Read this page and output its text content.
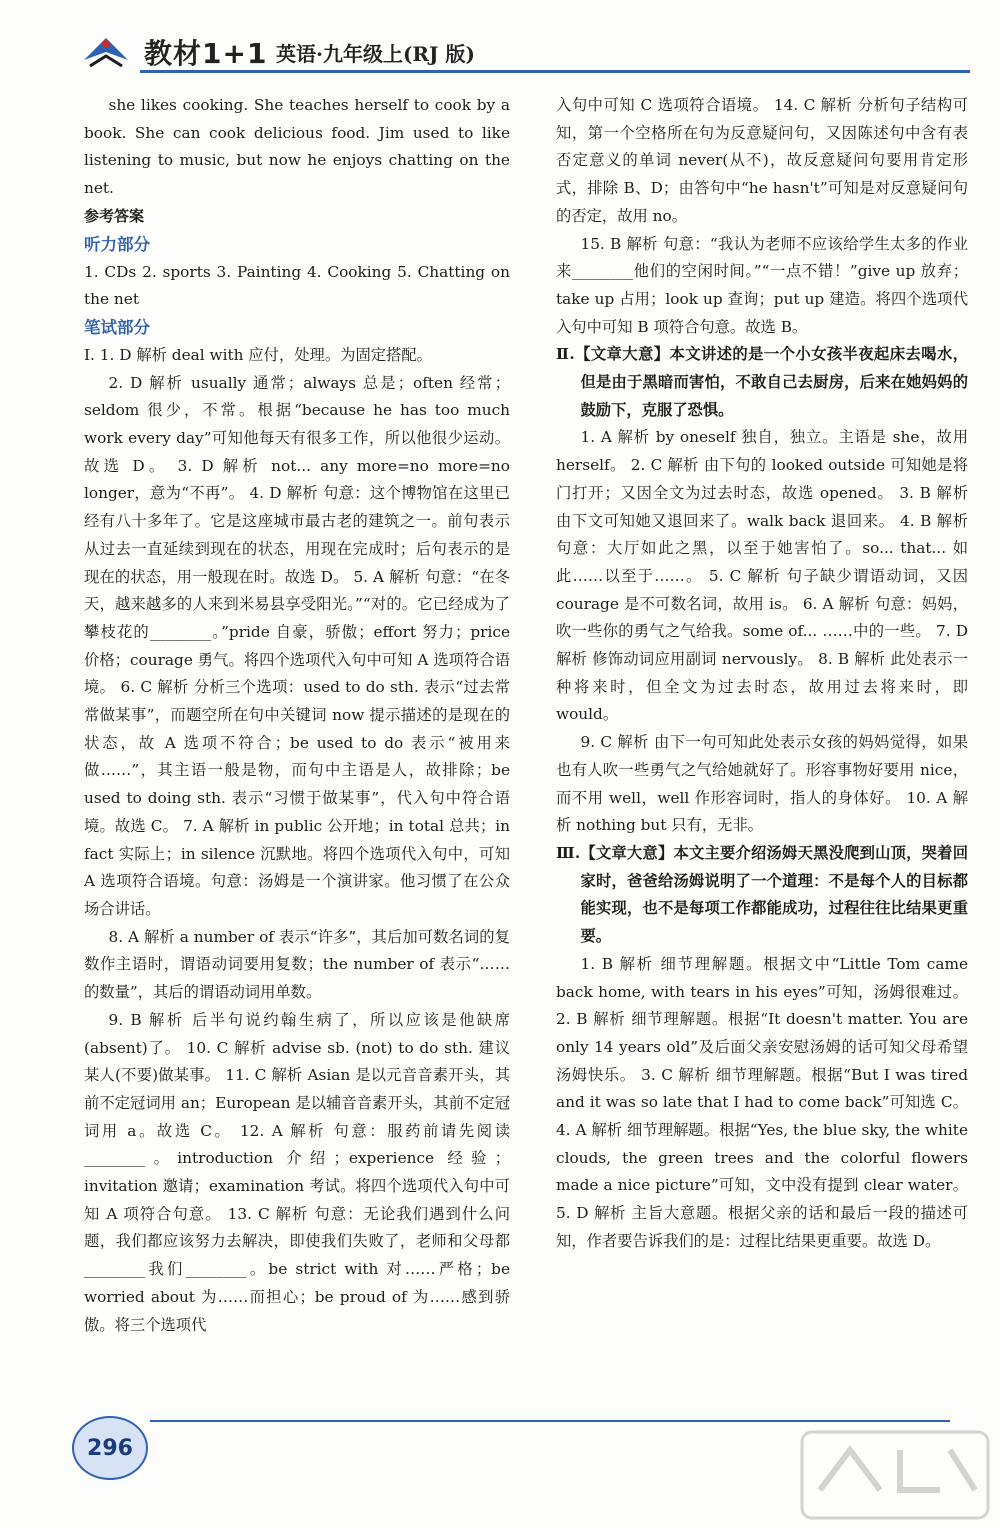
教材1+1 英语·九年级上(RJ 版)

she likes cooking. She teaches herself to cook by a book. She can cook delicious food. Jim used to like listening to music, but now he enjoys chatting on the net.

参考答案

听力部分

1. CDs 2. sports 3. Painting 4. Cooking 5. Chatting on the net

笔试部分

Ⅰ. 1. D 解析 deal with 应付，处理。为固定搭配。

2. D 解析 usually 通常；always 总是；often 经常；seldom 很少，不常。根据“because he has too much work every day”可知他每天有很多工作，所以他很少运动。故选 D。 3. D 解析 not... any more=no more=no longer，意为“不再”。 4. D 解析 句意：这个博物馆在这里已经有八十多年了。它是这座城市最古老的建筑之一。前句表示从过去一直延续到现在的状态，用现在完成时；后句表示的是现在的状态，用一般现在时。故选 D。 5. A 解析 句意：“在冬天，越来越多的人来到米易县享受阳光。”“对的。它已经成为了攀枝花的________。”pride 自豪，骄傲；effort 努力；price 价格；courage 勇气。将四个选项代入句中可知 A 选项符合语境。 6. C 解析 分析三个选项：used to do sth. 表示“过去常常做某事”，而题空所在句中关键词 now 提示描述的是现在的状态，故 A 选项不符合；be used to do 表示“被用来做……”，其主语一般是物，而句中主语是人，故排除；be used to doing sth. 表示“习惯于做某事”，代入句中符合语境。故选 C。 7. A 解析 in public 公开地；in total 总共；in fact 实际上；in silence 沉默地。将四个选项代入句中，可知 A 选项符合语境。句意：汤姆是一个演讲家。他习惯了在公众场合讲话。

8. A 解析 a number of 表示“许多”，其后加可数名词的复数作主语时，谓语动词要用复数；the number of 表示“……的数量”，其后的谓语动词用单数。

9. B 解析 后半句说约翰生病了，所以应该是他缺席(absent)了。 10. C 解析 advise sb. (not) to do sth. 建议某人(不要)做某事。 11. C 解析 Asian 是以元音音素开头，其前不定冠词用 an；European 是以辅音音素开头，其前不定冠词用 a。故选 C。 12. A 解析 句意：服药前请先阅读________。introduction 介绍；experience 经验；invitation 邀请；examination 考试。将四个选项代入句中可知 A 项符合句意。 13. C 解析 句意：无论我们遇到什么问题，我们都应该努力去解决，即使我们失败了，老师和父母都________我们________。be strict with 对……严格；be worried about 为……而担心；be proud of 为……感到骄傲。将三个选项代

入句中可知 C 选项符合语境。 14. C 解析 分析句子结构可知，第一个空格所在句为反意疑问句，又因陈述句中含有表否定意义的单词 never(从不)，故反意疑问句要用肯定形式，排除 B、D；由答句中“he hasn't”可知是对反意疑问句的否定，故用 no。

15. B 解析 句意：“我认为老师不应该给学生太多的作业来________他们的空闲时间。”“一点不错！”give up 放弃；take up 占用；look up 查询；put up 建造。将四个选项代入句中可知 B 项符合句意。故选 B。

Ⅱ.【文章大意】本文讲述的是一个小女孩半夜起床去喝水，但是由于黑暗而害怕，不敢自己去厨房，后来在她妈妈的鼓励下，克服了恐惧。

1. A 解析 by oneself 独自，独立。主语是 she，故用 herself。 2. C 解析 由下句的 looked outside 可知她是将门打开；又因全文为过去时态，故选 opened。 3. B 解析 由下文可知她又退回来了。walk back 退回来。 4. B 解析 句意：大厅如此之黑，以至于她害怕了。so... that... 如此……以至于……。 5. C 解析 句子缺少谓语动词，又因 courage 是不可数名词，故用 is。 6. A 解析 句意：妈妈，吹一些你的勇气之气给我。some of... ……中的一些。 7. D 解析 修饰动词应用副词 nervously。 8. B 解析 此处表示一种将来时，但全文为过去时态，故用过去将来时，即 would。

9. C 解析 由下一句可知此处表示女孩的妈妈觉得，如果也有人吹一些勇气之气给她就好了。形容事物好要用 nice，而不用 well，well 作形容词时，指人的身体好。 10. A 解析 nothing but 只有，无非。

Ⅲ.【文章大意】本文主要介绍汤姆天黑没爬到山顶，哭着回家时，爸爸给汤姆说明了一个道理：不是每个人的目标都能实现，也不是每项工作都能成功，过程往往比结果更重要。

1. B 解析 细节理解题。根据文中“Little Tom came back home, with tears in his eyes”可知，汤姆很难过。 2. B 解析 细节理解题。根据“It doesn't matter. You are only 14 years old”及后面父亲安慰汤姆的话可知父母希望汤姆快乐。 3. C 解析 细节理解题。根据“But I was tired and it was so late that I had to come back”可知选 C。 4. A 解析 细节理解题。根据“Yes, the blue sky, the white clouds, the green trees and the colorful flowers made a nice picture”可知，文中没有提到 clear water。 5. D 解析 主旨大意题。根据父亲的话和最后一段的描述可知，作者要告诉我们的是：过程比结果更重要。故选 D。

296
